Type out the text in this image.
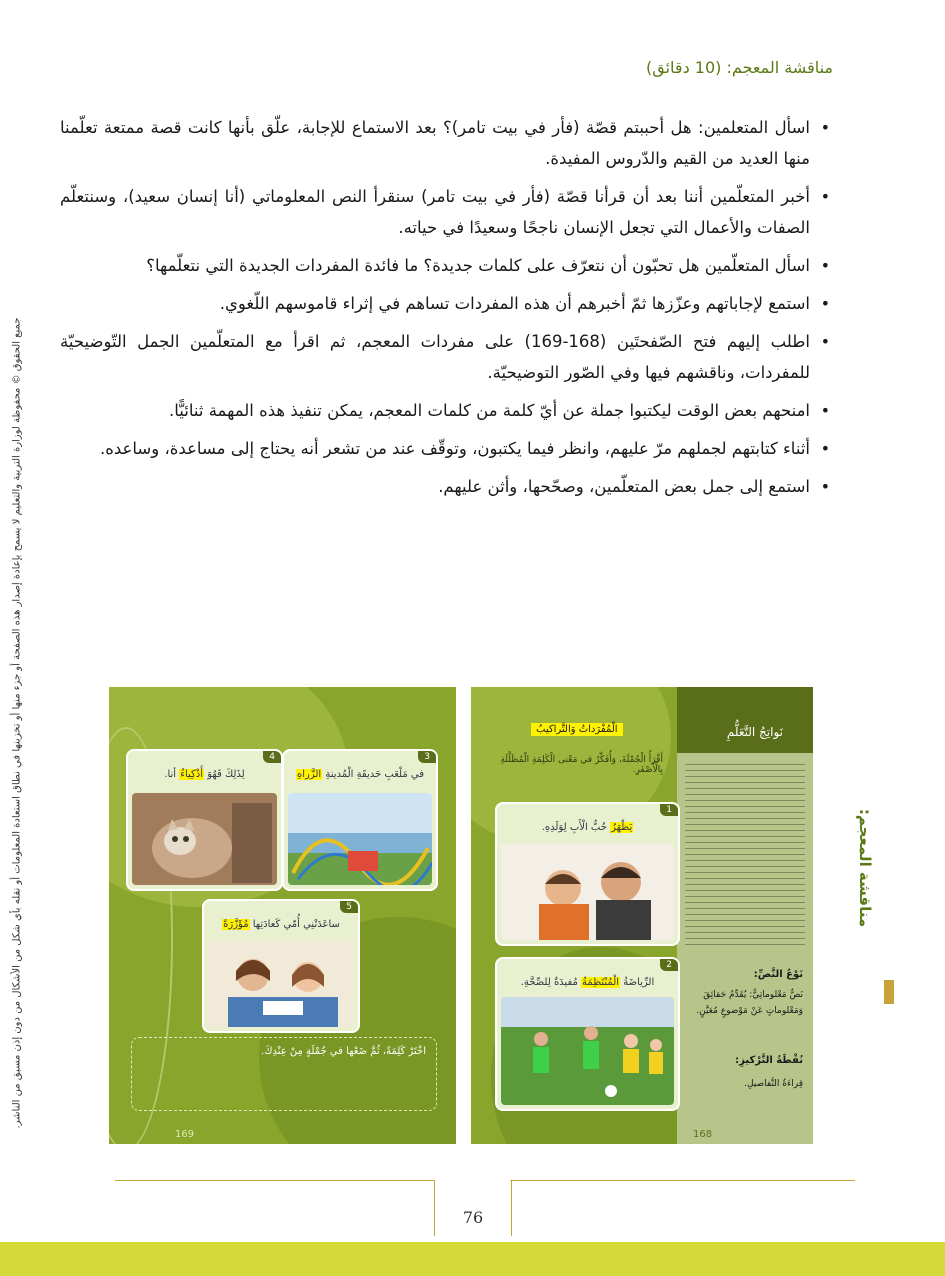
مناقشة المعجم: (10 دقائق)
• اسأل المتعلمين: هل أحببتم قصّة (فأر في بيت تامر)؟ بعد الاستماع للإجابة، علّق بأنها كانت قصة ممتعة تعلّمنا منها العديد من القيم والدّروس المفيدة.
• أخبر المتعلّمين أننا بعد أن قرأنا قصّة (فأر في بيت تامر) سنقرأ النص المعلوماتي (أنا إنسان سعيد)، وسنتعلّم الصفات والأعمال التي تجعل الإنسان ناجحًا وسعيدًا في حياته.
• اسأل المتعلّمين هل تحبّون أن نتعرّف على كلمات جديدة؟ ما فائدة المفردات الجديدة التي نتعلّمها؟
• استمع لإجاباتهم وعزّزها ثمّ أخبرهم أن هذه المفردات تساهم في إثراء قاموسهم اللّغوي.
• اطلب إليهم فتح الصّفحتَين (168-169) على مفردات المعجم، ثم اقرأ مع المتعلّمين الجمل التّوضيحيّة للمفردات، وناقشهم فيها وفي الصّور التوضيحيّة.
• امنحهم بعض الوقت ليكتبوا جملة عن أيّ كلمة من كلمات المعجم، يمكن تنفيذ هذه المهمة ثنائيًّا.
• أثناء كتابتهم لجملهم مرّ عليهم، وانظر فيما يكتبون، وتوقّف عند من تشعر أنه يحتاج إلى مساعدة، وساعده.
• استمع إلى جمل بعض المتعلّمين، وصحّحها، وأثن عليهم.
جميع الحقوق © محفوظة لوزارة التربية والتعليم لا يسمح بإعادة إصدار هذه الصفحة أو جزء منها أو تخزينها في نطاق استعادة المعلومات أو نقله بأي شكل من الأشكال من دون إذن مسبق من الناشر.	مناقشة المعجم:
4
لِذَلِكَ فَهُوَ أَذْكِياءُ أنا.
3
في مَلْعَبِ حَديقَةِ الْمُدينةِ الزَّراهِ
5
ساعَدَتْنِي أُمّي كَعادَتِها مُؤَزَّرَةً
اخْتَرْ كَلِمَةً، ثُمَّ ضَعْها في جُمْلَةٍ مِنْ عِنْدِكَ.
169
نَواتِجُ التَّعَلُّمِ
نَوْعُ النَّصِّ:
نَصٌّ مَعْلوماتِيٌّ: يُقَدِّمُ حَقائِقَ وَمَعْلوماتٍ عَنْ مَوْضوعٍ مُعَيَّنٍ.
نُقْطَةُ التَّرْكيزِ:
قِراءَةُ التَّفاصيلِ.
168
الْمُفْرَداتُ وَالتَّراكيبُ
أَقْرَأُ الْجُمْلَةَ، وَأُفَكِّرُ في مَعْنى الْكَلِمَةِ الْمُظَلَّلَةِ بِالْأَصْفَرِ.
1
يَظْهَرُ حُبُّ الْأَبِ لِوَلَدِهِ.
2
الرِّياضَةُ الْمُنْتَظِمَةُ مُفيدَةٌ لِلصِّحَّةِ.
76
